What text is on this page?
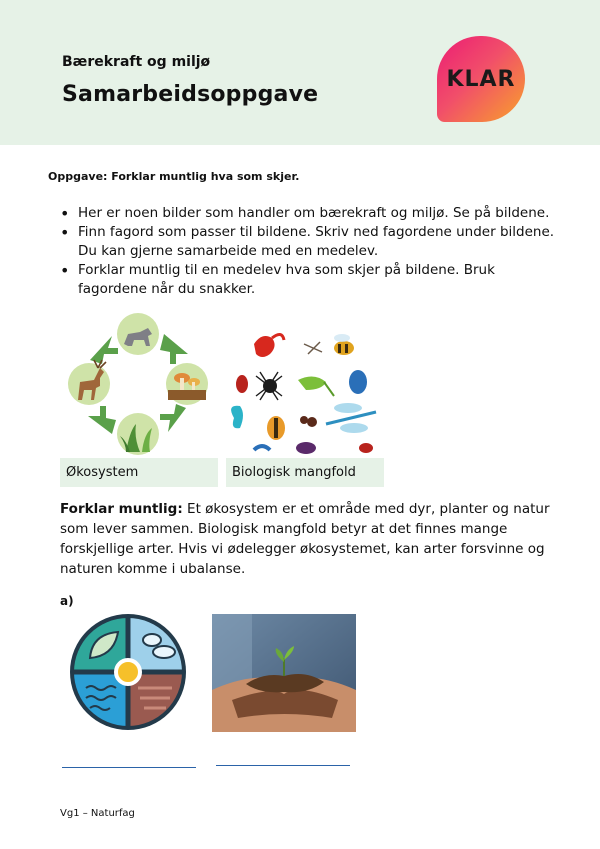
Bærekraft og miljø
Samarbeidsoppgave
KLAR
Oppgave: Forklar muntlig hva som skjer.
• Her er noen bilder som handler om bærekraft og miljø. Se på bildene.
• Finn fagord som passer til bildene. Skriv ned fagordene under bildene. Du kan gjerne samarbeide med en medelev.
• Forklar muntlig til en medelev hva som skjer på bildene. Bruk fagordene når du snakker.
Økosystem	Biologisk mangfold
Forklar muntlig: Et økosystem er et område med dyr, planter og natur som lever sammen. Biologisk mangfold betyr at det finnes mange forskjellige arter. Hvis vi ødelegger økosystemet, kan arter forsvinne og naturen komme i ubalanse.
a)
Vg1 – Naturfag
